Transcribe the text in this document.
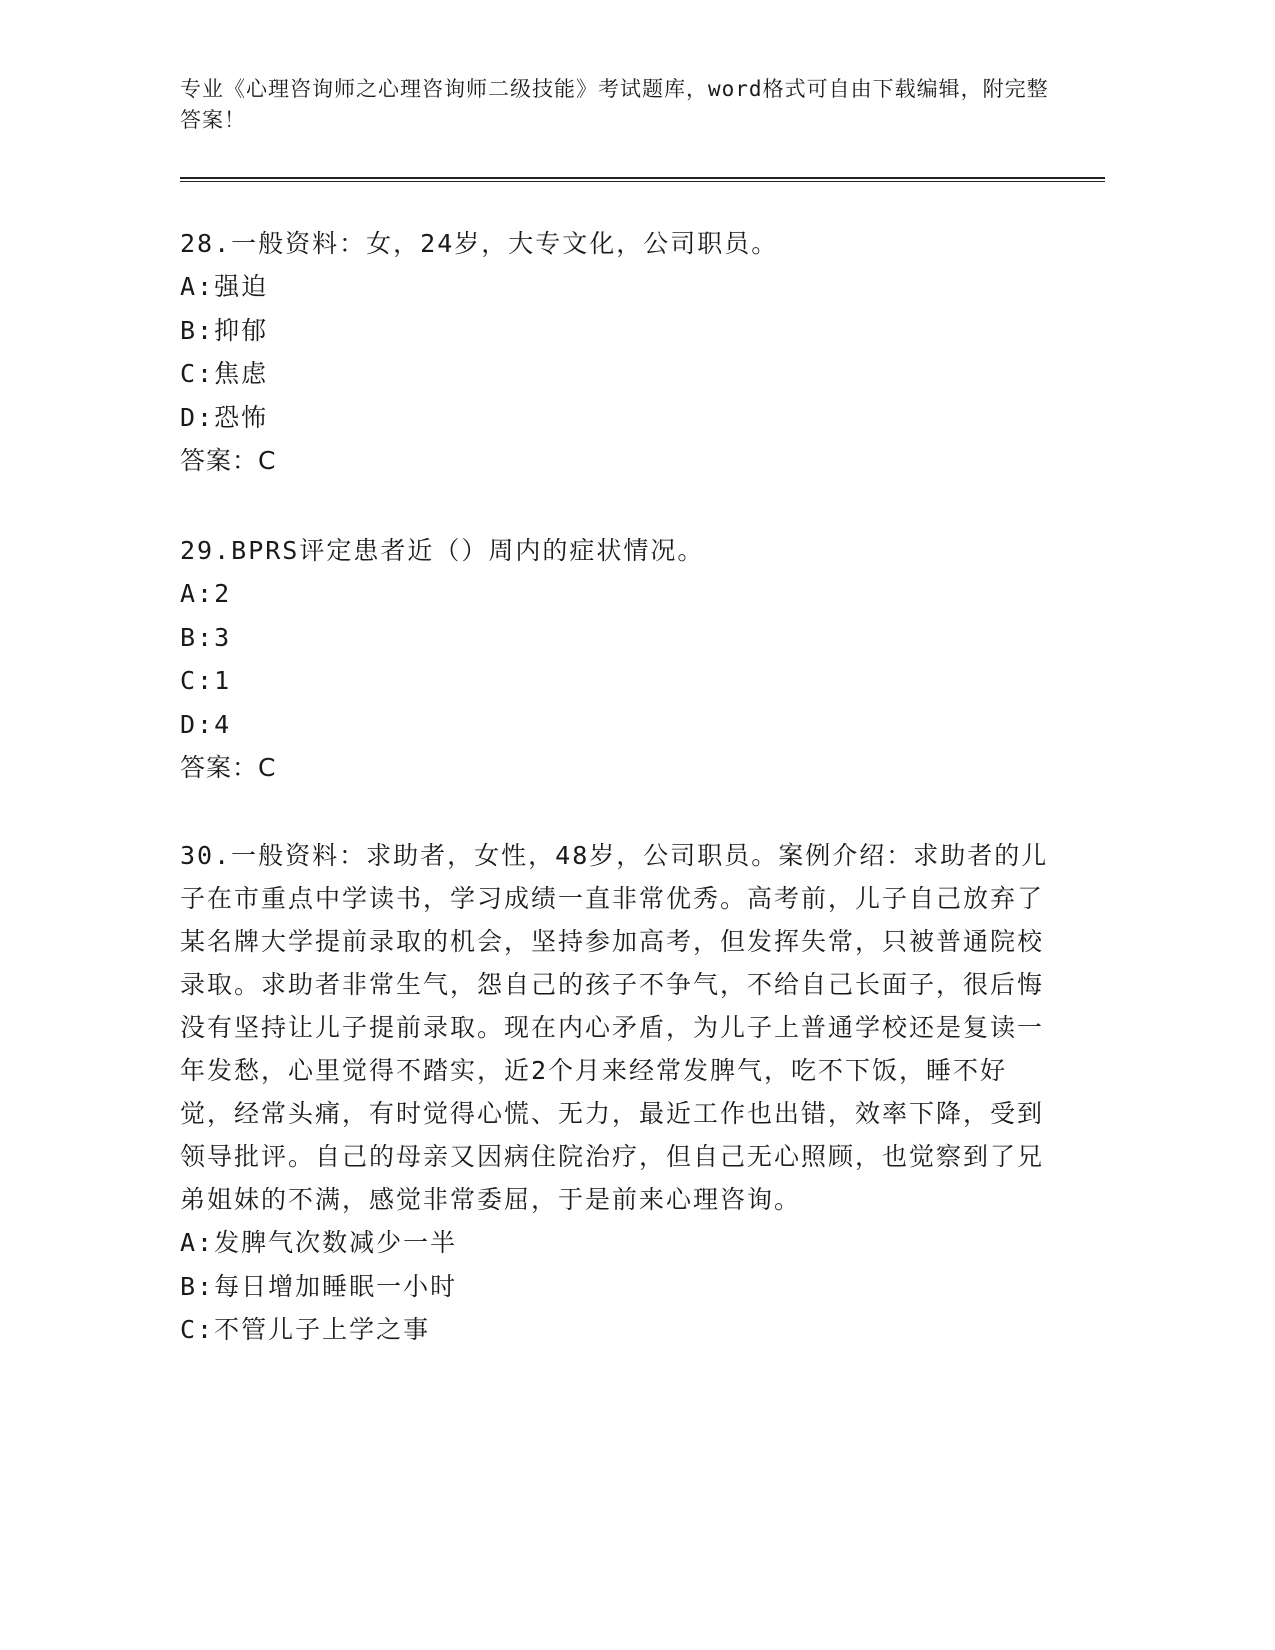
专业《心理咨询师之心理咨询师二级技能》考试题库，word格式可自由下载编辑，附完整答案！

28.一般资料：女，24岁，大专文化，公司职员。

A:强迫

B:抑郁

C:焦虑

D:恐怖

答案：C

29.BPRS评定患者近（）周内的症状情况。

A:2

B:3

C:1

D:4

答案：C

30.一般资料：求助者，女性，48岁，公司职员。案例介绍：求助者的儿子在市重点中学读书，学习成绩一直非常优秀。高考前，儿子自己放弃了某名牌大学提前录取的机会，坚持参加高考，但发挥失常，只被普通院校录取。求助者非常生气，怨自己的孩子不争气，不给自己长面子，很后悔没有坚持让儿子提前录取。现在内心矛盾，为儿子上普通学校还是复读一年发愁，心里觉得不踏实，近2个月来经常发脾气，吃不下饭，睡不好觉，经常头痛，有时觉得心慌、无力，最近工作也出错，效率下降，受到领导批评。自己的母亲又因病住院治疗，但自己无心照顾，也觉察到了兄弟姐妹的不满，感觉非常委屈，于是前来心理咨询。

A:发脾气次数减少一半

B:每日增加睡眠一小时

C:不管儿子上学之事
